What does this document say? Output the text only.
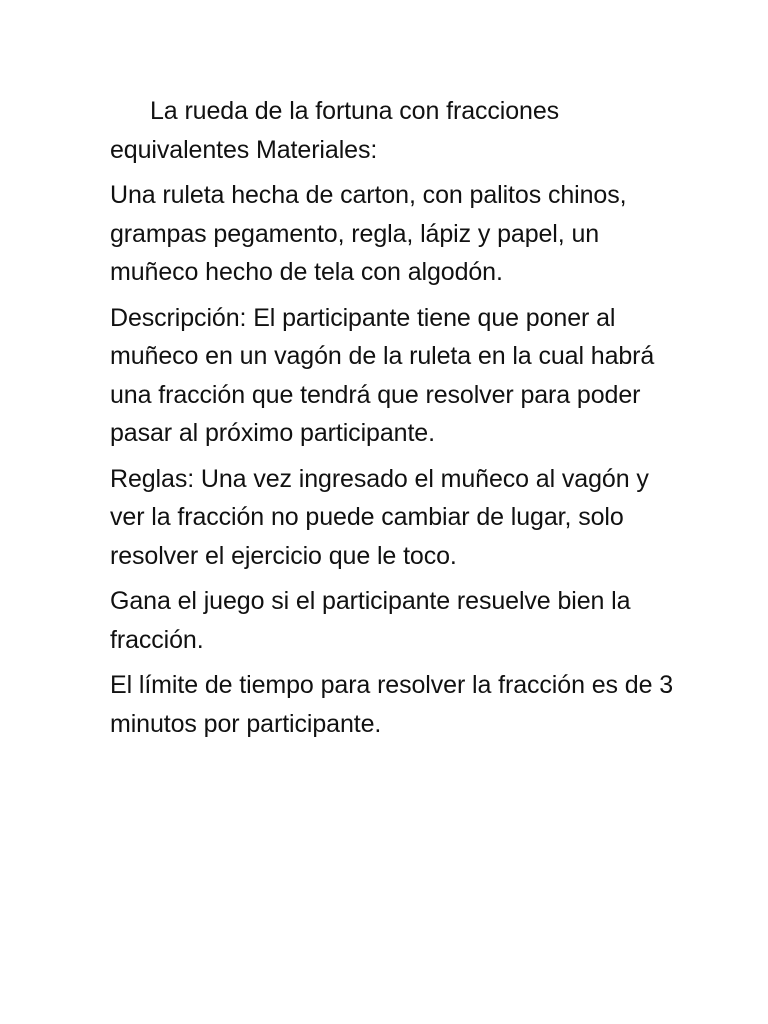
La rueda de la fortuna con fracciones equivalentes Materiales:

Una ruleta hecha de carton, con palitos chinos, grampas pegamento, regla, lápiz y papel, un muñeco hecho de tela con algodón.

Descripción: El participante tiene que poner al muñeco en un vagón de la ruleta en la cual habrá una fracción que tendrá que resolver para poder pasar al próximo participante.

Reglas: Una vez ingresado el muñeco al vagón y ver la fracción no puede cambiar de lugar, solo resolver el ejercicio que le toco.

Gana el juego si el participante resuelve bien la fracción.

El límite de tiempo para resolver la fracción es de 3 minutos por participante.
